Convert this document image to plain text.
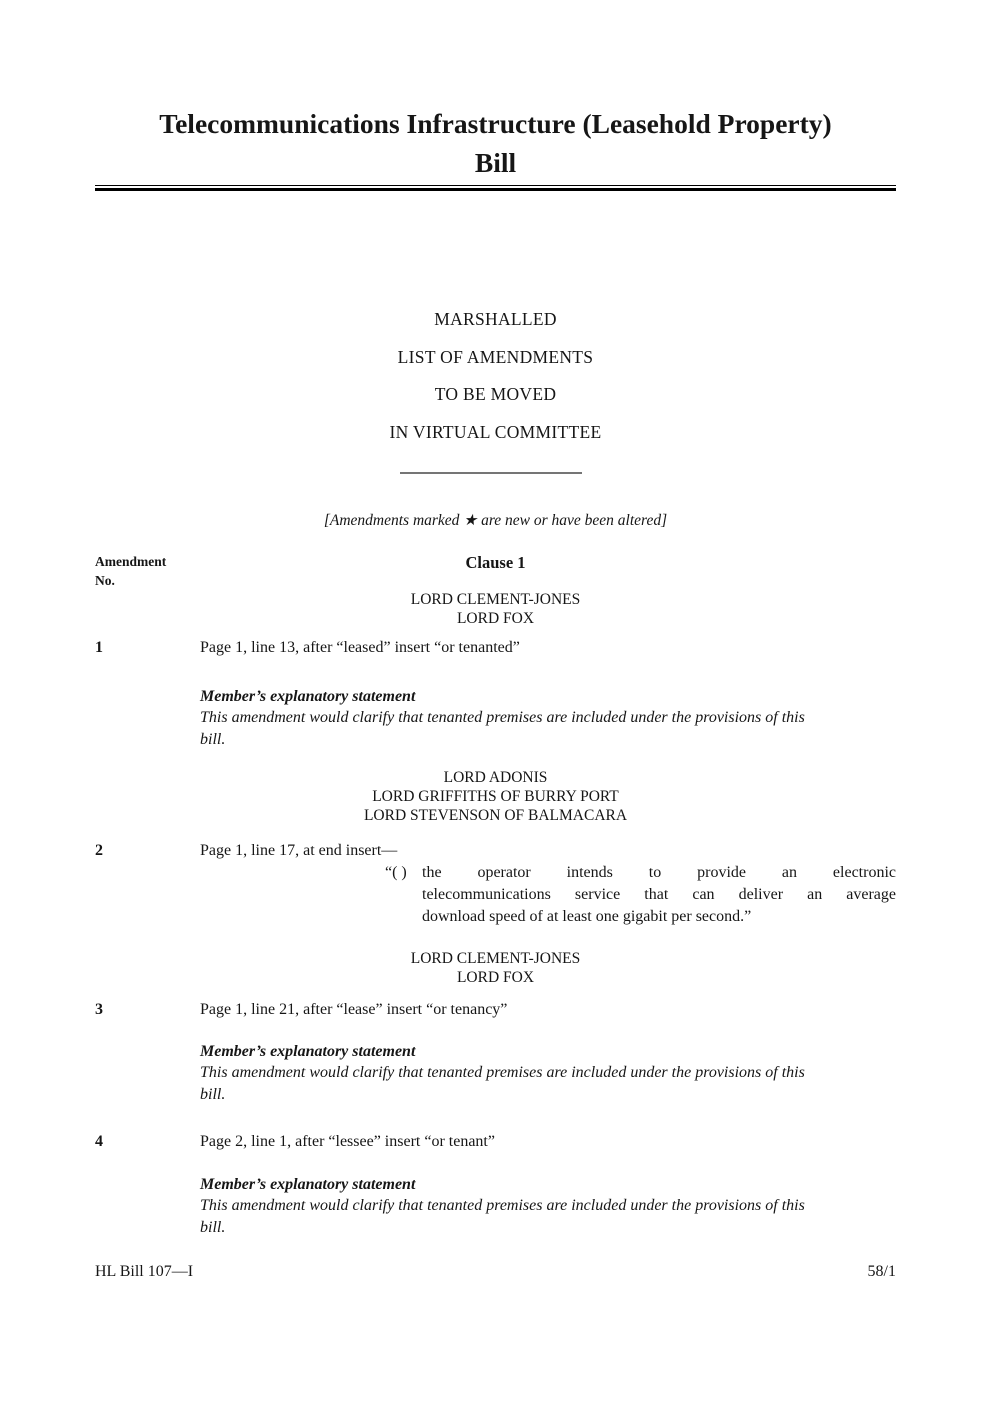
Telecommunications Infrastructure (Leasehold Property)
Bill
MARSHALLED
LIST OF AMENDMENTS
TO BE MOVED
IN VIRTUAL COMMITTEE
[Amendments marked ★ are new or have been altered]
Amendment
No.
Clause 1
LORD CLEMENT-JONES
LORD FOX
1	Page 1, line 13, after “leased” insert “or tenanted”

Member’s explanatory statement
This amendment would clarify that tenanted premises are included under the provisions of this
bill.
LORD ADONIS
LORD GRIFFITHS OF BURRY PORT
LORD STEVENSON OF BALMACARA
2	Page 1, line 17, at end insert—

“( ) the operator intends to provide an electronic
telecommunications service that can deliver an average
download speed of at least one gigabit per second.”

LORD CLEMENT-JONES
LORD FOX
3	Page 1, line 21, after “lease” insert “or tenancy”

Member’s explanatory statement
This amendment would clarify that tenanted premises are included under the provisions of this
bill.
4	Page 2, line 1, after “lessee” insert “or tenant”

Member’s explanatory statement
This amendment would clarify that tenanted premises are included under the provisions of this
bill.
HL Bill 107—I	58/1
